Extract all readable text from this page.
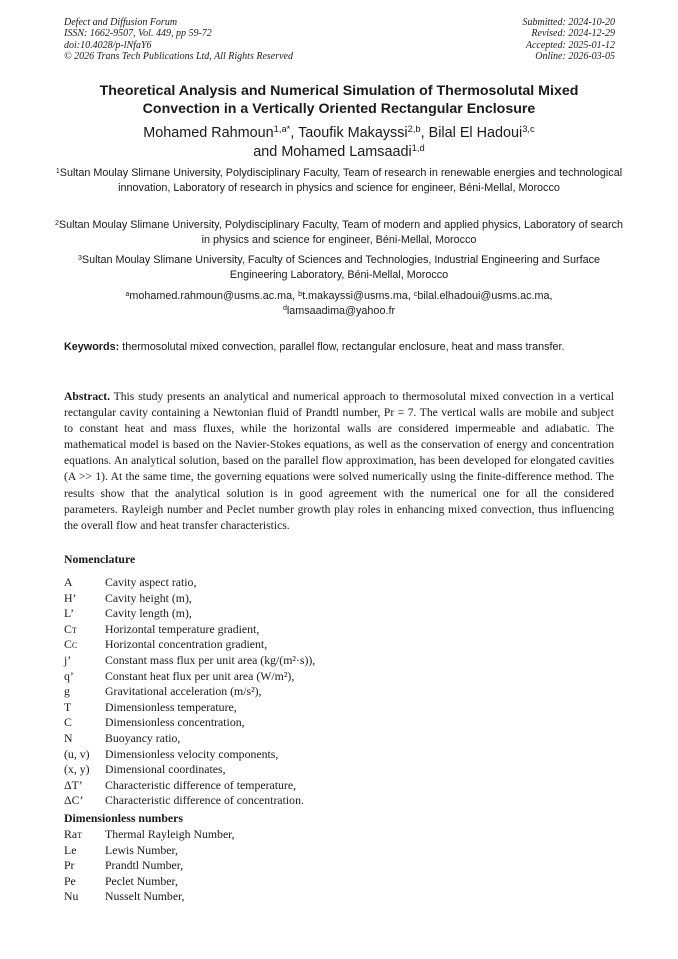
Defect and Diffusion Forum
ISSN: 1662-9507, Vol. 449, pp 59-72
doi:10.4028/p-lNfaY6
© 2026 Trans Tech Publications Ltd, All Rights Reserved
Submitted: 2024-10-20
Revised: 2024-12-29
Accepted: 2025-01-12
Online: 2026-03-05
Theoretical Analysis and Numerical Simulation of Thermosolutal Mixed
Convection in a Vertically Oriented Rectangular Enclosure
Mohamed Rahmoun$^{1,a*}$, Taoufik Makayssi$^{2,b}$, Bilal El Hadoui$^{3,c}$
and Mohamed Lamsaadi$^{1,d}$
$^1$Sultan Moulay Slimane University, Polydisciplinary Faculty, Team of research in renewable energies and technological innovation, Laboratory of research in physics and science for engineer, Béni-Mellal, Morocco
$^2$Sultan Moulay Slimane University, Polydisciplinary Faculty, Team of modern and applied physics, Laboratory of search in physics and science for engineer, Béni-Mellal, Morocco
$^3$Sultan Moulay Slimane University, Faculty of Sciences and Technologies, Industrial Engineering and Surface Engineering Laboratory, Béni-Mellal, Morocco
$^a$mohamed.rahmoun@usms.ac.ma, $^b$t.makayssi@usms.ma, $^c$bilal.elhadoui@usms.ac.ma,
$^d$lamsaadima@yahoo.fr
Keywords: thermosolutal mixed convection, parallel flow, rectangular enclosure, heat and mass transfer.
Abstract. This study presents an analytical and numerical approach to thermosolutal mixed convection in a vertical rectangular cavity containing a Newtonian fluid of Prandtl number, Pr = 7. The vertical walls are mobile and subject to constant heat and mass fluxes, while the horizontal walls are considered impermeable and adiabatic. The mathematical model is based on the Navier-Stokes equations, as well as the conservation of energy and concentration equations. An analytical solution, based on the parallel flow approximation, has been developed for elongated cavities (A >> 1). At the same time, the governing equations were solved numerically using the finite-difference method. The results show that the analytical solution is in good agreement with the numerical one for all the considered parameters. Rayleigh number and Peclet number growth play roles in enhancing mixed convection, thus influencing the overall flow and heat transfer characteristics.
Nomenclature
A	Cavity aspect ratio,
H’ Cavity height (m),
L’	Cavity length (m),
CT Horizontal temperature gradient,
CC Horizontal concentration gradient,
j’	Constant mass flux per unit area (kg/(m²·s)),
q’	Constant heat flux per unit area (W/m²),
g	Gravitational acceleration (m/s²),
T	Dimensionless temperature,
C	Dimensionless concentration,
N	Buoyancy ratio,
(u, v) Dimensionless velocity components,
(x, y) Dimensional coordinates,
ΔT’ Characteristic difference of temperature,
ΔC’ Characteristic difference of concentration.
Dimensionless numbers
RaT Thermal Rayleigh Number,
Le Lewis Number,
Pr	Prandtl Number,
Pe Peclet Number,
Nu Nusselt Number,
